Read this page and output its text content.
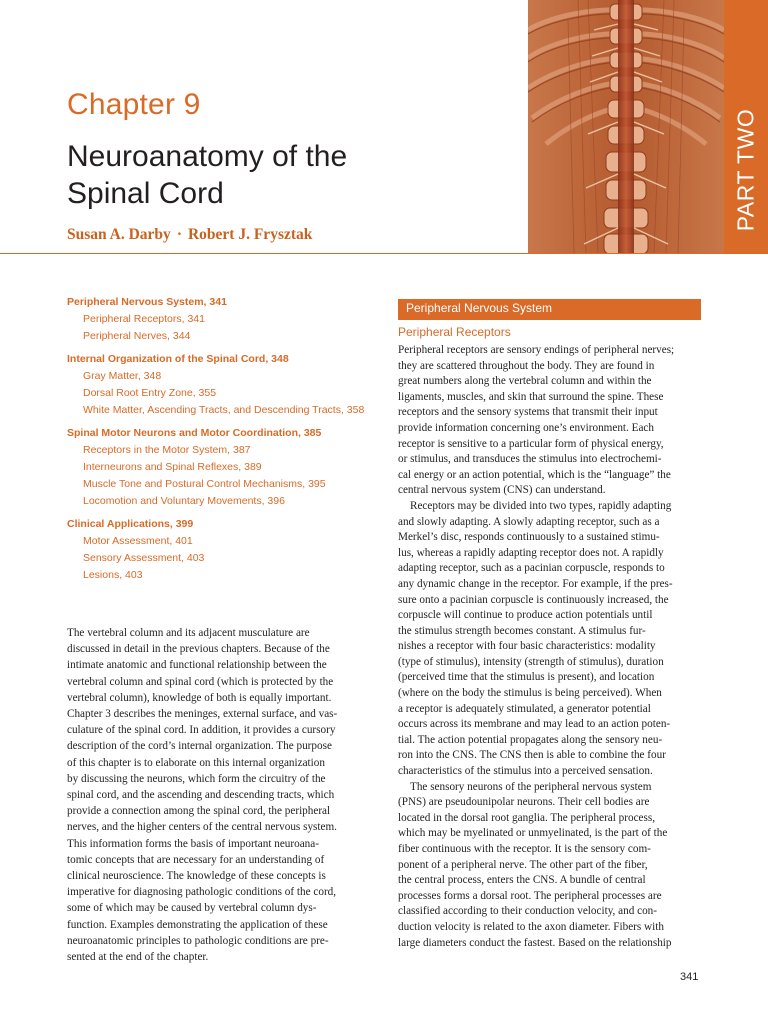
Chapter 9
Neuroanatomy of the
Spinal Cord
Susan A. Darby · Robert J. Frysztak
PART TWO
Peripheral Nervous System, 341
Peripheral Receptors, 341
Peripheral Nerves, 344
Internal Organization of the Spinal Cord, 348
Gray Matter, 348
Dorsal Root Entry Zone, 355
White Matter, Ascending Tracts, and Descending Tracts, 358
Spinal Motor Neurons and Motor Coordination, 385
Receptors in the Motor System, 387
Interneurons and Spinal Reflexes, 389
Muscle Tone and Postural Control Mechanisms, 395
Locomotion and Voluntary Movements, 396
Clinical Applications, 399
Motor Assessment, 401
Sensory Assessment, 403
Lesions, 403
The vertebral column and its adjacent musculature are
discussed in detail in the previous chapters. Because of the
intimate anatomic and functional relationship between the
vertebral column and spinal cord (which is protected by the
vertebral column), knowledge of both is equally important.
Chapter 3 describes the meninges, external surface, and vas-
culature of the spinal cord. In addition, it provides a cursory
description of the cord’s internal organization. The purpose
of this chapter is to elaborate on this internal organization
by discussing the neurons, which form the circuitry of the
spinal cord, and the ascending and descending tracts, which
provide a connection among the spinal cord, the peripheral
nerves, and the higher centers of the central nervous system.
This information forms the basis of important neuroana-
tomic concepts that are necessary for an understanding of
clinical neuroscience. The knowledge of these concepts is
imperative for diagnosing pathologic conditions of the cord,
some of which may be caused by vertebral column dys-
function. Examples demonstrating the application of these
neuroanatomic principles to pathologic conditions are pre-
sented at the end of the chapter.
Peripheral Nervous System
Peripheral Receptors
Peripheral receptors are sensory endings of peripheral nerves;
they are scattered throughout the body. They are found in
great numbers along the vertebral column and within the
ligaments, muscles, and skin that surround the spine. These
receptors and the sensory systems that transmit their input
provide information concerning one’s environment. Each
receptor is sensitive to a particular form of physical energy,
or stimulus, and transduces the stimulus into electrochemi-
cal energy or an action potential, which is the “language” the
central nervous system (CNS) can understand.
Receptors may be divided into two types, rapidly adapting
and slowly adapting. A slowly adapting receptor, such as a
Merkel’s disc, responds continuously to a sustained stimu-
lus, whereas a rapidly adapting receptor does not. A rapidly
adapting receptor, such as a pacinian corpuscle, responds to
any dynamic change in the receptor. For example, if the pres-
sure onto a pacinian corpuscle is continuously increased, the
corpuscle will continue to produce action potentials until
the stimulus strength becomes constant. A stimulus fur-
nishes a receptor with four basic characteristics: modality
(type of stimulus), intensity (strength of stimulus), duration
(perceived time that the stimulus is present), and location
(where on the body the stimulus is being perceived). When
a receptor is adequately stimulated, a generator potential
occurs across its membrane and may lead to an action poten-
tial. The action potential propagates along the sensory neu-
ron into the CNS. The CNS then is able to combine the four
characteristics of the stimulus into a perceived sensation.
The sensory neurons of the peripheral nervous system
(PNS) are pseudounipolar neurons. Their cell bodies are
located in the dorsal root ganglia. The peripheral process,
which may be myelinated or unmyelinated, is the part of the
fiber continuous with the receptor. It is the sensory com-
ponent of a peripheral nerve. The other part of the fiber,
the central process, enters the CNS. A bundle of central
processes forms a dorsal root. The peripheral processes are
classified according to their conduction velocity, and con-
duction velocity is related to the axon diameter. Fibers with
large diameters conduct the fastest. Based on the relationship
341
